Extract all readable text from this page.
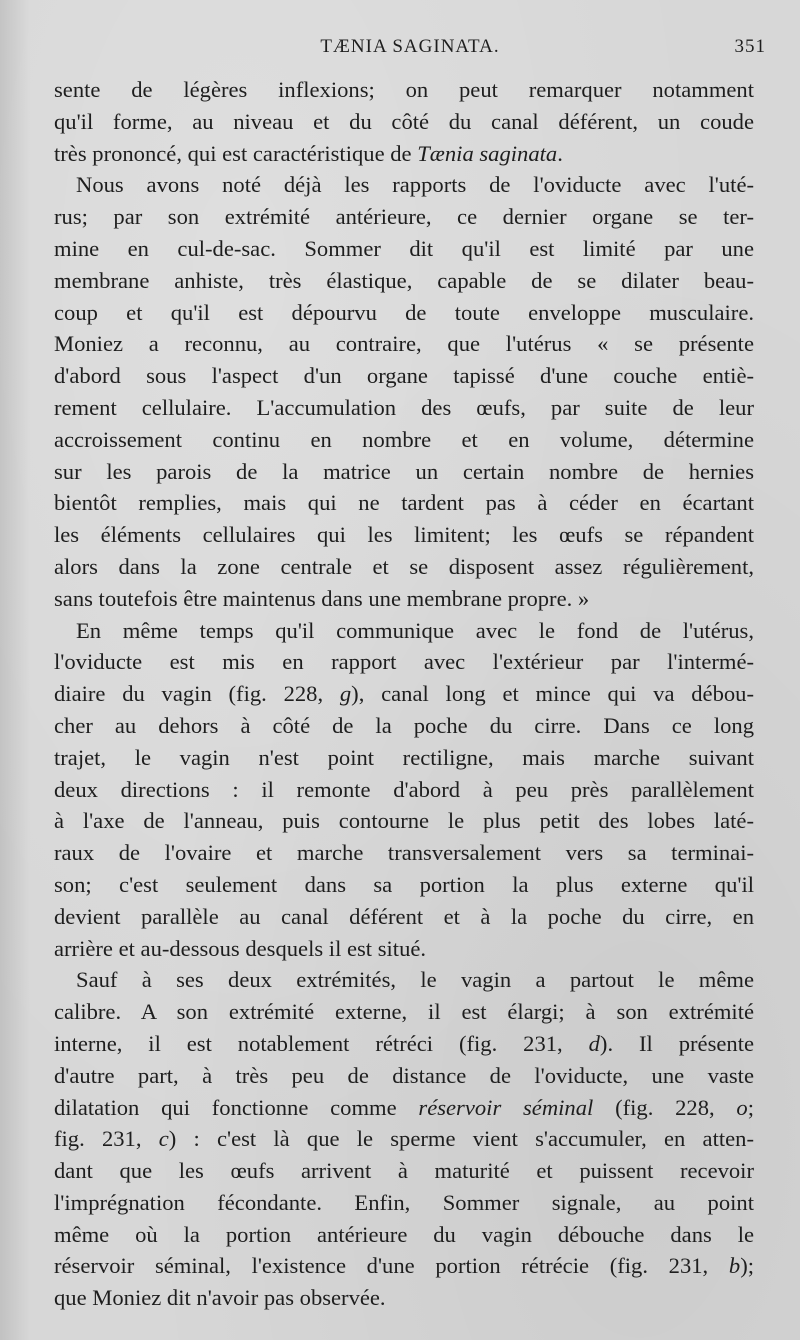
TÆNIA SAGINATA.	351

sente de légères inflexions; on peut remarquer notamment
qu'il forme, au niveau et du côté du canal déférent, un coude
très prononcé, qui est caractéristique de Tænia saginata.

Nous avons noté déjà les rapports de l'oviducte avec l'uté-
rus; par son extrémité antérieure, ce dernier organe se ter-
mine en cul-de-sac. Sommer dit qu'il est limité par une
membrane anhiste, très élastique, capable de se dilater beau-
coup et qu'il est dépourvu de toute enveloppe musculaire.
Moniez a reconnu, au contraire, que l'utérus « se présente
d'abord sous l'aspect d'un organe tapissé d'une couche entiè-
rement cellulaire. L'accumulation des œufs, par suite de leur
accroissement continu en nombre et en volume, détermine
sur les parois de la matrice un certain nombre de hernies
bientôt remplies, mais qui ne tardent pas à céder en écartant
les éléments cellulaires qui les limitent; les œufs se répandent
alors dans la zone centrale et se disposent assez régulièrement,
sans toutefois être maintenus dans une membrane propre. »

En même temps qu'il communique avec le fond de l'utérus,
l'oviducte est mis en rapport avec l'extérieur par l'intermé-
diaire du vagin (fig. 228, g), canal long et mince qui va débou-
cher au dehors à côté de la poche du cirre. Dans ce long
trajet, le vagin n'est point rectiligne, mais marche suivant
deux directions : il remonte d'abord à peu près parallèlement
à l'axe de l'anneau, puis contourne le plus petit des lobes laté-
raux de l'ovaire et marche transversalement vers sa terminai-
son; c'est seulement dans sa portion la plus externe qu'il
devient parallèle au canal déférent et à la poche du cirre, en
arrière et au-dessous desquels il est situé.

Sauf à ses deux extrémités, le vagin a partout le même
calibre. A son extrémité externe, il est élargi; à son extrémité
interne, il est notablement rétréci (fig. 231, d). Il présente
d'autre part, à très peu de distance de l'oviducte, une vaste
dilatation qui fonctionne comme réservoir séminal (fig. 228, o;
fig. 231, c) : c'est là que le sperme vient s'accumuler, en atten-
dant que les œufs arrivent à maturité et puissent recevoir
l'imprégnation fécondante. Enfin, Sommer signale, au point
même où la portion antérieure du vagin débouche dans le
réservoir séminal, l'existence d'une portion rétrécie (fig. 231, b);
que Moniez dit n'avoir pas observée.
